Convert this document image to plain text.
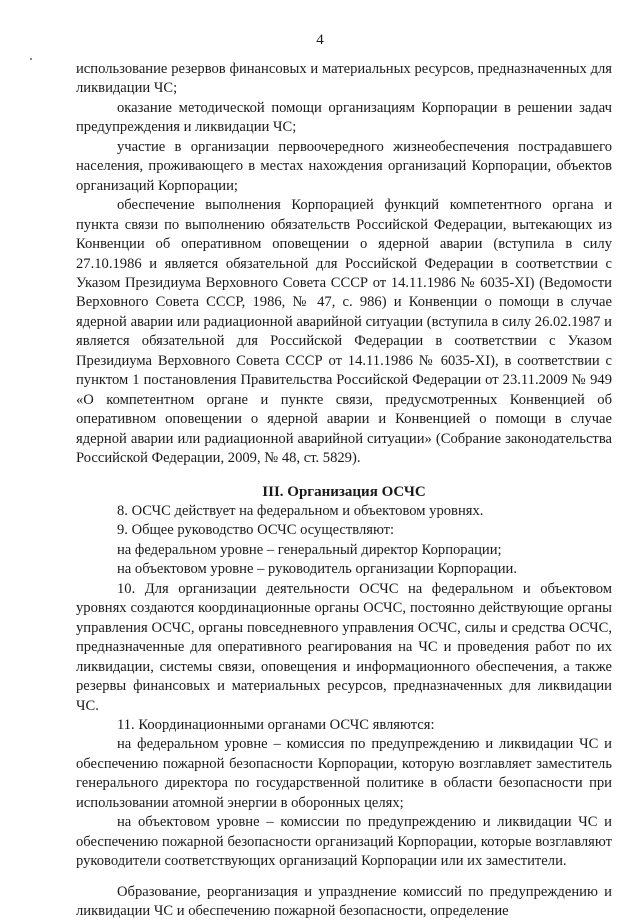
4

использование резервов финансовых и материальных ресурсов, предназначенных для ликвидации ЧС;

оказание методической помощи организациям Корпорации в решении задач предупреждения и ликвидации ЧС;

участие в организации первоочередного жизнеобеспечения пострадавшего населения, проживающего в местах нахождения организаций Корпорации, объектов организаций Корпорации;

обеспечение выполнения Корпорацией функций компетентного органа и пункта связи по выполнению обязательств Российской Федерации, вытекающих из Конвенции об оперативном оповещении о ядерной аварии (вступила в силу 27.10.1986 и является обязательной для Российской Федерации в соответствии с Указом Президиума Верховного Совета СССР от 14.11.1986 № 6035-XI) (Ведомости Верховного Совета СССР, 1986, № 47, с. 986) и Конвенции о помощи в случае ядерной аварии или радиационной аварийной ситуации (вступила в силу 26.02.1987 и является обязательной для Российской Федерации в соответствии с Указом Президиума Верховного Совета СССР от 14.11.1986 № 6035-XI), в соответствии с пунктом 1 постановления Правительства Российской Федерации от 23.11.2009 № 949 «О компетентном органе и пункте связи, предусмотренных Конвенцией об оперативном оповещении о ядерной аварии и Конвенцией о помощи в случае ядерной аварии или радиационной аварийной ситуации» (Собрание законодательства Российской Федерации, 2009, № 48, ст. 5829).

III. Организация ОСЧС

8. ОСЧС действует на федеральном и объектовом уровнях.

9. Общее руководство ОСЧС осуществляют:

на федеральном уровне – генеральный директор Корпорации;

на объектовом уровне – руководитель организации Корпорации.

10. Для организации деятельности ОСЧС на федеральном и объектовом уровнях создаются координационные органы ОСЧС, постоянно действующие органы управления ОСЧС, органы повседневного управления ОСЧС, силы и средства ОСЧС, предназначенные для оперативного реагирования на ЧС и проведения работ по их ликвидации, системы связи, оповещения и информационного обеспечения, а также резервы финансовых и материальных ресурсов, предназначенных для ликвидации ЧС.

11. Координационными органами ОСЧС являются:

на федеральном уровне – комиссия по предупреждению и ликвидации ЧС и обеспечению пожарной безопасности Корпорации, которую возглавляет заместитель генерального директора по государственной политике в области безопасности при использовании атомной энергии в оборонных целях;

на объектовом уровне – комиссии по предупреждению и ликвидации ЧС и обеспечению пожарной безопасности организаций Корпорации, которые возглавляют руководители соответствующих организаций Корпорации или их заместители.

Образование, реорганизация и упразднение комиссий по предупреждению и ликвидации ЧС и обеспечению пожарной безопасности, определение
